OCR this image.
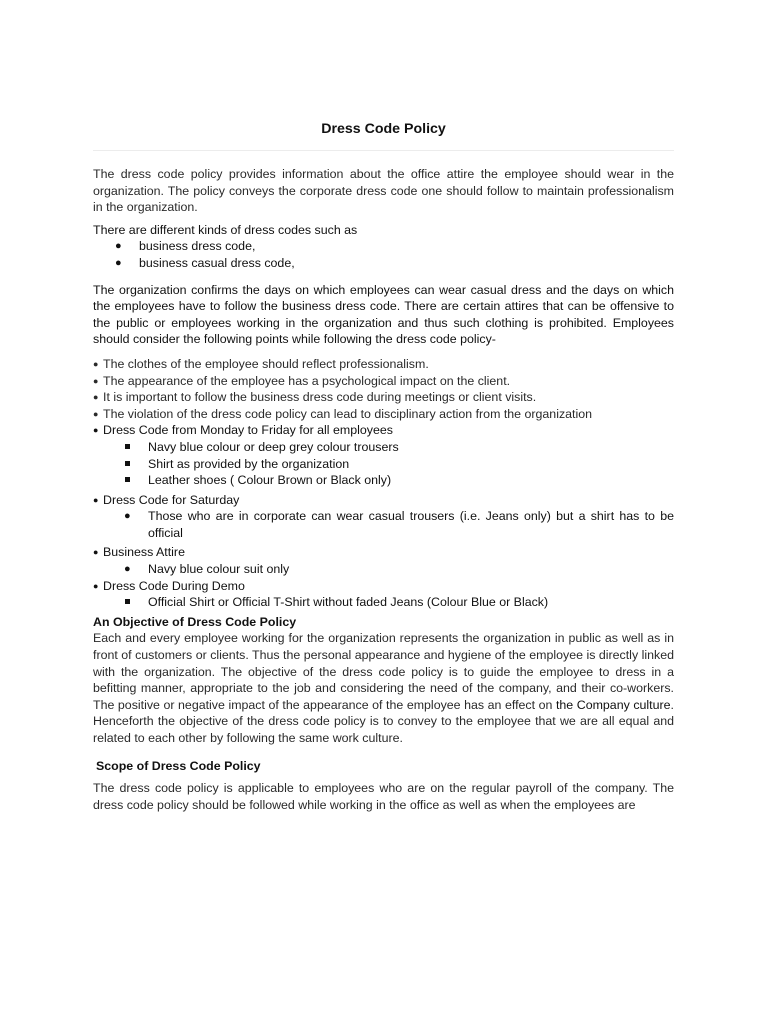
Dress Code Policy

The dress code policy provides information about the office attire the employee should wear in the organization. The policy conveys the corporate dress code one should follow to maintain professionalism in the organization.

There are different kinds of dress codes such as

● business dress code,
● business casual dress code,

The organization confirms the days on which employees can wear casual dress and the days on which the employees have to follow the business dress code. There are certain attires that can be offensive to the public or employees working in the organization and thus such clothing is prohibited. Employees should consider the following points while following the dress code policy-

● The clothes of the employee should reflect professionalism.
● The appearance of the employee has a psychological impact on the client.
● It is important to follow the business dress code during meetings or client visits.
● The violation of the dress code policy can lead to disciplinary action from the organization
● Dress Code from Monday to Friday for all employees
Navy blue colour or deep grey colour trousers
Shirt as provided by the organization
Leather shoes ( Colour Brown or Black only)
● Dress Code for Saturday
● Those who are in corporate can wear casual trousers (i.e. Jeans only) but a shirt has to be official
● Business Attire
● Navy blue colour suit only
● Dress Code During Demo
Official Shirt or Official T-Shirt without faded Jeans (Colour Blue or Black)

An Objective of Dress Code Policy

Each and every employee working for the organization represents the organization in public as well as in front of customers or clients. Thus the personal appearance and hygiene of the employee is directly linked with the organization. The objective of the dress code policy is to guide the employee to dress in a befitting manner, appropriate to the job and considering the need of the company, and their co-workers. The positive or negative impact of the appearance of the employee has an effect on the Company culture. Henceforth the objective of the dress code policy is to convey to the employee that we are all equal and related to each other by following the same work culture.

Scope of Dress Code Policy

The dress code policy is applicable to employees who are on the regular payroll of the company. The dress code policy should be followed while working in the office as well as when the employees are
